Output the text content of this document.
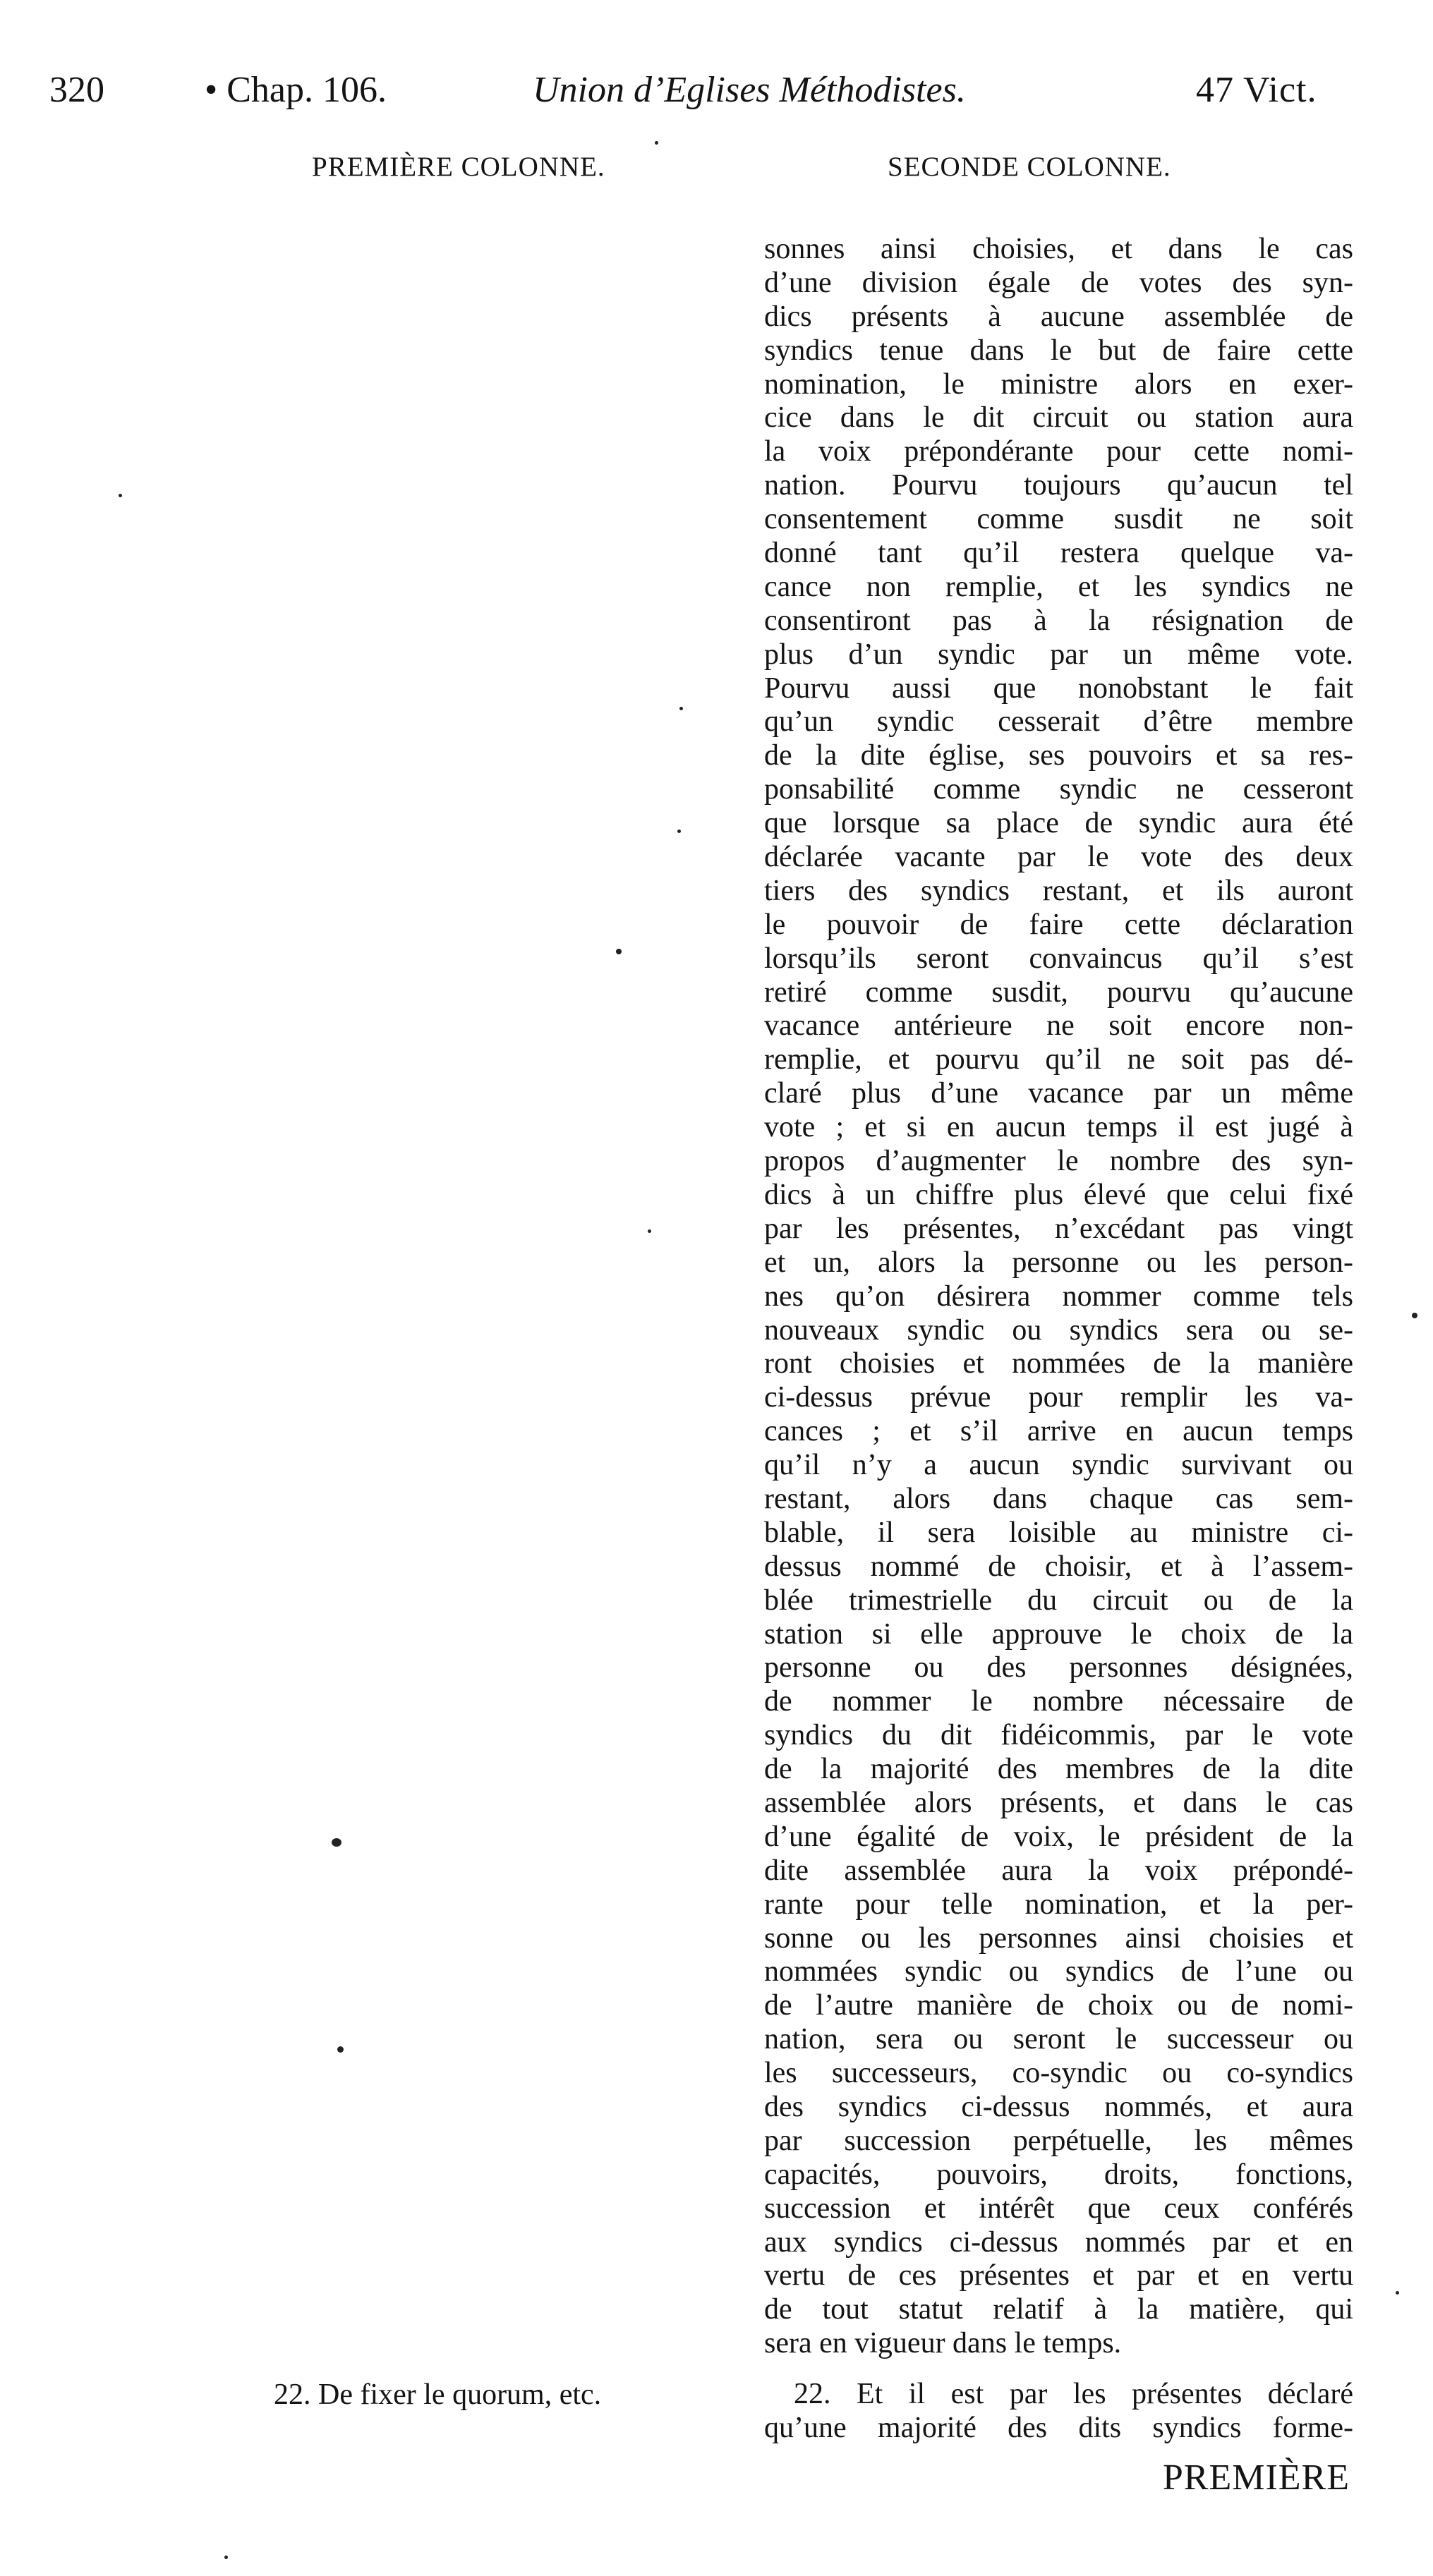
320	• Chap. 106.	Union d’Eglises Méthodistes.	47 Vict.
PREMIÈRE COLONNE.	SECONDE COLONNE.
sonnes ainsi choisies, et dans le cas
d’une division égale de votes des syn-
dics présents à aucune assemblée de
syndics tenue dans le but de faire cette
nomination, le ministre alors en exer-
cice dans le dit circuit ou station aura
la voix prépondérante pour cette nomi-
nation. Pourvu toujours qu’aucun tel
consentement comme susdit ne soit
donné tant qu’il restera quelque va-
cance non remplie, et les syndics ne
consentiront pas à la résignation de
plus d’un syndic par un même vote.
Pourvu aussi que nonobstant le fait
qu’un syndic cesserait d’être membre
de la dite église, ses pouvoirs et sa res-
ponsabilité comme syndic ne cesseront
que lorsque sa place de syndic aura été
déclarée vacante par le vote des deux
tiers des syndics restant, et ils auront
le pouvoir de faire cette déclaration
lorsqu’ils seront convaincus qu’il s’est
retiré comme susdit, pourvu qu’aucune
vacance antérieure ne soit encore non-
remplie, et pourvu qu’il ne soit pas dé-
claré plus d’une vacance par un même
vote ; et si en aucun temps il est jugé à
propos d’augmenter le nombre des syn-
dics à un chiffre plus élevé que celui fixé
par les présentes, n’excédant pas vingt
et un, alors la personne ou les person-
nes qu’on désirera nommer comme tels
nouveaux syndic ou syndics sera ou se-
ront choisies et nommées de la manière
ci-dessus prévue pour remplir les va-
cances ; et s’il arrive en aucun temps
qu’il n’y a aucun syndic survivant ou
restant, alors dans chaque cas sem-
blable, il sera loisible au ministre ci-
dessus nommé de choisir, et à l’assem-
blée trimestrielle du circuit ou de la
station si elle approuve le choix de la
personne ou des personnes désignées,
de nommer le nombre nécessaire de
syndics du dit fidéicommis, par le vote
de la majorité des membres de la dite
assemblée alors présents, et dans le cas
d’une égalité de voix, le président de la
dite assemblée aura la voix prépondé-
rante pour telle nomination, et la per-
sonne ou les personnes ainsi choisies et
nommées syndic ou syndics de l’une ou
de l’autre manière de choix ou de nomi-
nation, sera ou seront le successeur ou
les successeurs, co-syndic ou co-syndics
des syndics ci-dessus nommés, et aura
par succession perpétuelle, les mêmes
capacités, pouvoirs, droits, fonctions,
succession et intérêt que ceux conférés
aux syndics ci-dessus nommés par et en
vertu de ces présentes et par et en vertu
de tout statut relatif à la matière, qui
sera en vigueur dans le temps.
22. De fixer le quorum, etc.	22. Et il est par les présentes déclaré
qu’une majorité des dits syndics forme-
PREMIÈRE
